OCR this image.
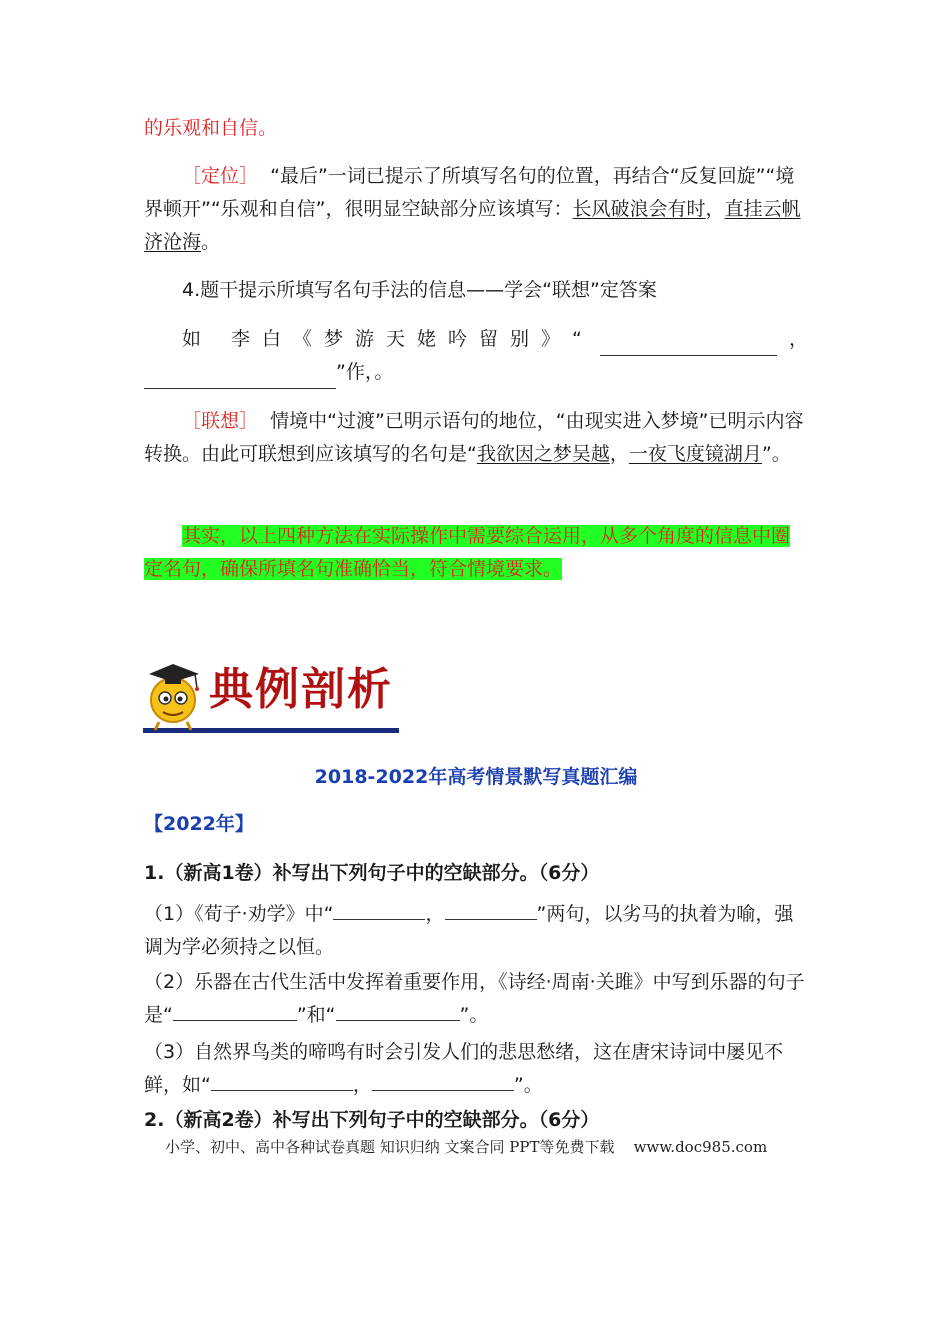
的乐观和自信。
［定位］ “最后”一词已提示了所填写名句的位置，再结合“反复回旋”“境界顿开”“乐观和自信”，很明显空缺部分应该填写：长风破浪会有时，直挂云帆济沧海。
4.题干提示所填写名句手法的信息——学会“联想”定答案
如 李白《梦游天姥吟留别》“	，
”作，。
［联想］ 情境中“过渡”已明示语句的地位，“由现实进入梦境”已明示内容转换。由此可联想到应该填写的名句是“我欲因之梦吴越，一夜飞度镜湖月”。
其实，以上四种方法在实际操作中需要综合运用，从多个角度的信息中圈定名句，确保所填名句准确恰当，符合情境要求。
典例剖析
2018-2022年高考情景默写真题汇编
【2022年】
1.（新高1卷）补写出下列句子中的空缺部分。（6分）
（1）《荀子·劝学》中“	，	”两句，以劣马的执着为喻，强调为学必须持之以恒。
（2）乐器在古代生活中发挥着重要作用，《诗经·周南·关雎》中写到乐器的句子是“	”和“	”。
（3）自然界鸟类的啼鸣有时会引发人们的悲思愁绪，这在唐宋诗词中屡见不鲜，如“	，	”。
2.（新高2卷）补写出下列句子中的空缺部分。（6分）
小学、初中、高中各种试卷真题 知识归纳 文案合同 PPT等免费下载    www.doc985.com
